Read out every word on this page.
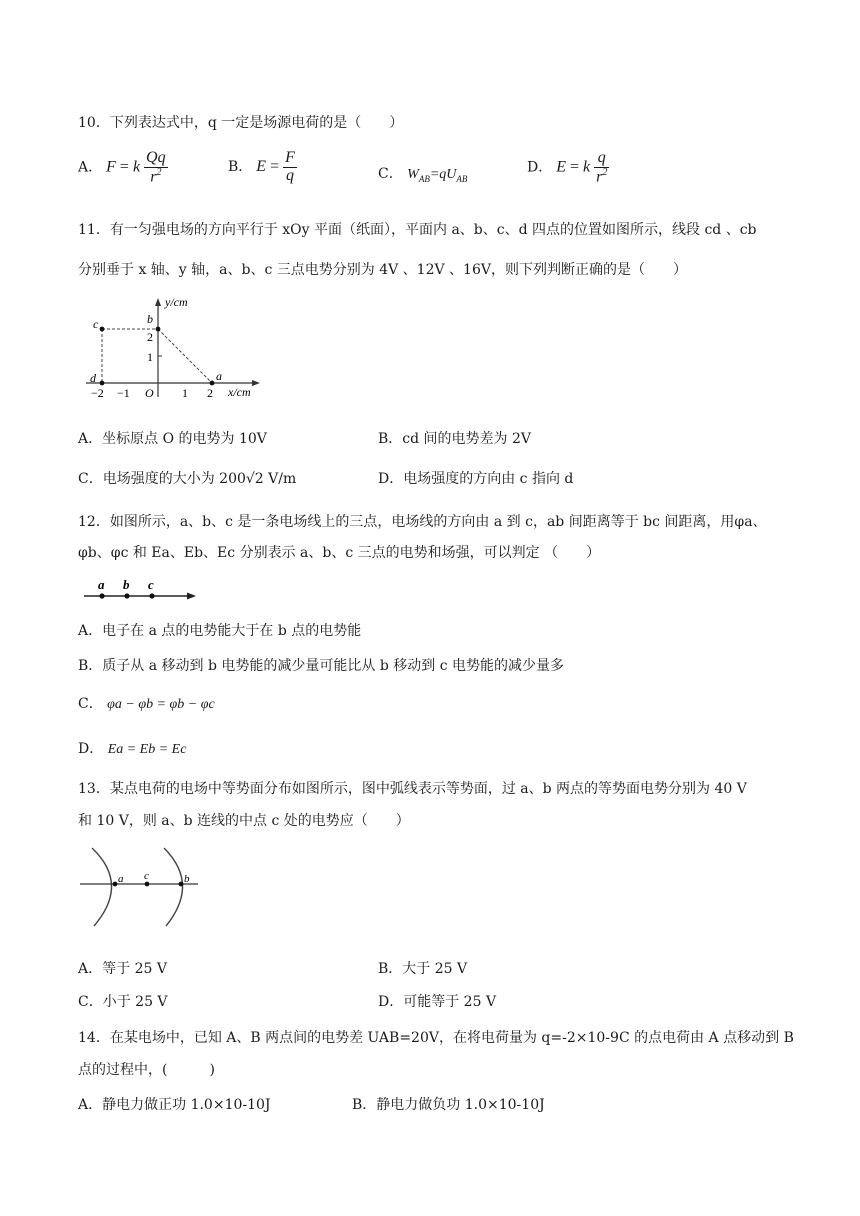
10．下列表达式中，q 一定是场源电荷的是（　　）
A． F = k $\frac{Qq}{r^2}$	B． $E = \frac{F}{q}$	C． $W_{AB}=qU_{AB}$
D． E = k $\frac{q}{r^2}$
11．有一匀强电场的方向平行于 xOy 平面（纸面），平面内 a、b、c、d 四点的位置如图所示，线段 cd 、cb
分别垂于 x 轴、y 轴，a、b、c 三点电势分别为 4V 、12V 、16V，则下列判断正确的是（　　）
y/cm
x/cm
c	b
a
d
2
1
−2 −1 O 1 2
A．坐标原点 O 的电势为 10V	B．cd 间的电势差为 2V
C．电场强度的大小为 200√2 V/m	D．电场强度的方向由 c 指向 d
12．如图所示，a、b、c 是一条电场线上的三点，电场线的方向由 a 到 c，ab 间距离等于 bc 间距离，用φa、
φb、φc 和 Ea、Eb、Ec 分别表示 a、b、c 三点的电势和场强，可以判定 （　　）
a b c
A．电子在 a 点的电势能大于在 b 点的电势能
B．质子从 a 移动到 b 电势能的减少量可能比从 b 移动到 c 电势能的减少量多
C． φa − φb = φb − φc
D． Ea = Eb = Ec
13．某点电荷的电场中等势面分布如图所示，图中弧线表示等势面，过 a、b 两点的等势面电势分别为 40 V
和 10 V，则 a、b 连线的中点 c 处的电势应（　　）
a c	b
A．等于 25 V	B．大于 25 V
C．小于 25 V	D．可能等于 25 V
14．在某电场中，已知 A、B 两点间的电势差 UAB=20V，在将电荷量为 q=-2×10-9C 的点电荷由 A 点移动到 B
点的过程中，(　　　)
A．静电力做正功 1.0×10-10J	B．静电力做负功 1.0×10-10J
